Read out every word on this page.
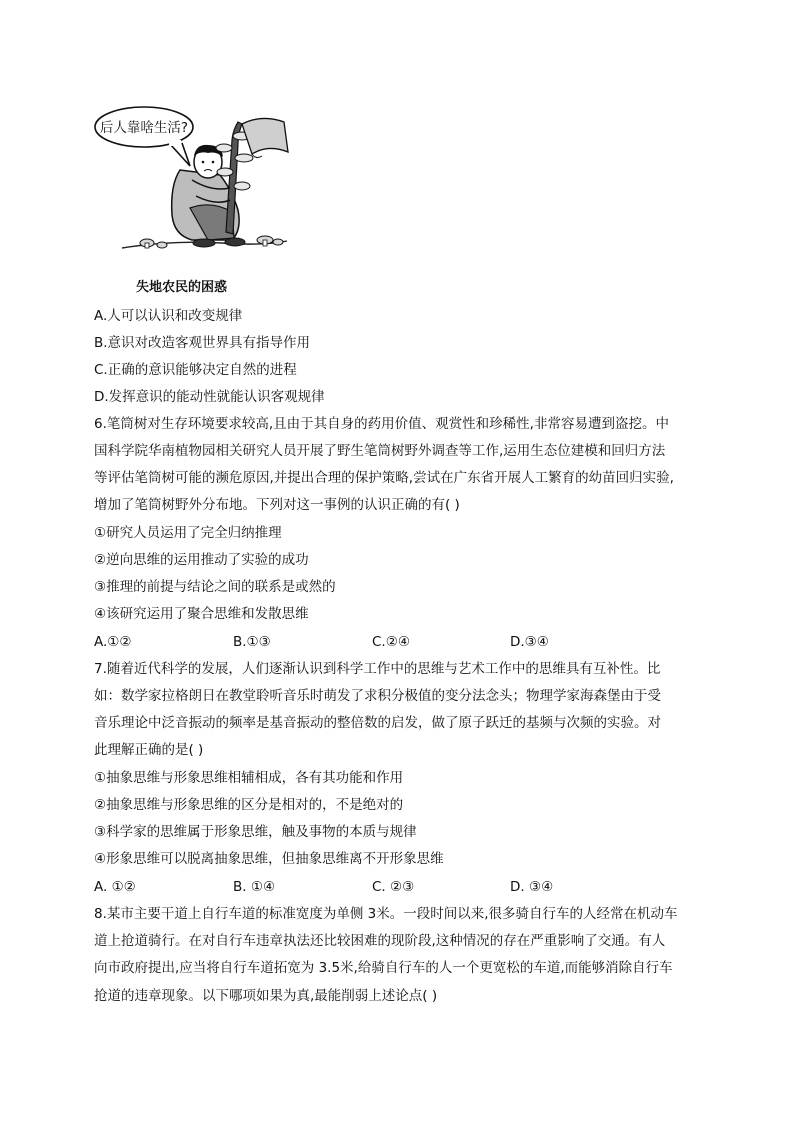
后人靠啥生活?
失地农民的困惑
A.人可以认识和改变规律
B.意识对改造客观世界具有指导作用
C.正确的意识能够决定自然的进程
D.发挥意识的能动性就能认识客观规律
6.笔筒树对生存环境要求较高,且由于其自身的药用价值、观赏性和珍稀性,非常容易遭到盗挖。中
国科学院华南植物园相关研究人员开展了野生笔筒树野外调查等工作,运用生态位建模和回归方法
等评估笔筒树可能的濒危原因,并提出合理的保护策略,尝试在广东省开展人工繁育的幼苗回归实验,
增加了笔筒树野外分布地。下列对这一事例的认识正确的有( )
①研究人员运用了完全归纳推理
②逆向思维的运用推动了实验的成功
③推理的前提与结论之间的联系是或然的
④该研究运用了聚合思维和发散思维
A.①②	B.①③	C.②④	D.③④
7.随着近代科学的发展，人们逐渐认识到科学工作中的思维与艺术工作中的思维具有互补性。比
如：数学家拉格朗日在教堂聆听音乐时萌发了求积分极值的变分法念头；物理学家海森堡由于受
音乐理论中泛音振动的频率是基音振动的整倍数的启发，做了原子跃迁的基频与次频的实验。对
此理解正确的是( )
①抽象思维与形象思维相辅相成，各有其功能和作用
②抽象思维与形象思维的区分是相对的，不是绝对的
③科学家的思维属于形象思维，触及事物的本质与规律
④形象思维可以脱离抽象思维，但抽象思维离不开形象思维
A. ①②	B. ①④	C. ②③	D. ③④
8.某市主要干道上自行车道的标准宽度为单侧 3米。一段时间以来,很多骑自行车的人经常在机动车
道上抢道骑行。在对自行车违章执法还比较困难的现阶段,这种情况的存在严重影响了交通。有人
向市政府提出,应当将自行车道拓宽为 3.5米,给骑自行车的人一个更宽松的车道,而能够消除自行车
抢道的违章现象。以下哪项如果为真,最能削弱上述论点( )
